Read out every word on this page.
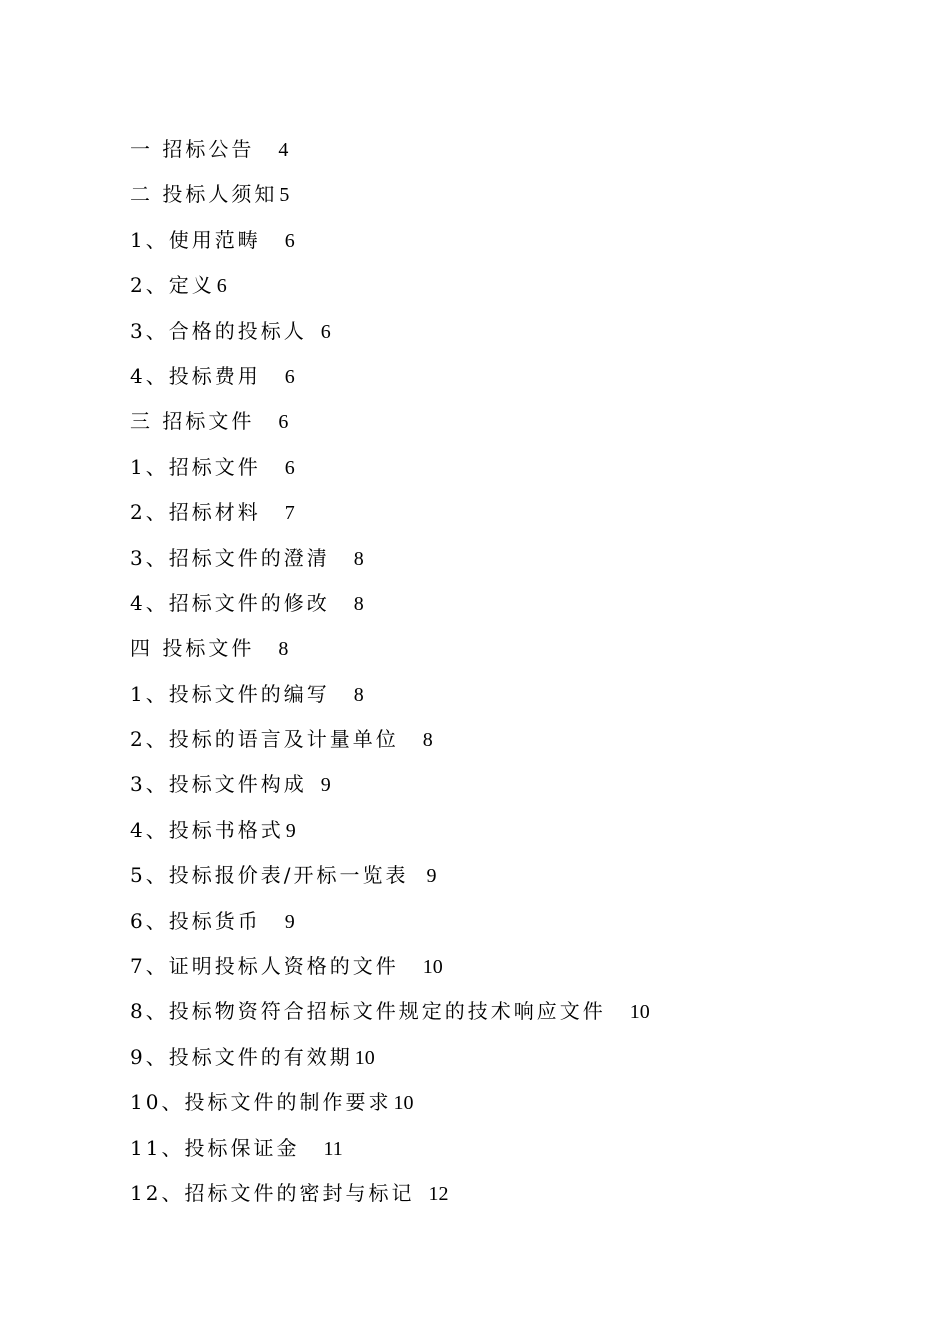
一 招标公告 4
二 投标人须知 5
1、使用范畴 6
2、定义 6
3、合格的投标人 6
4、投标费用 6
三 招标文件 6
1、招标文件 6
2、招标材料 7
3、招标文件的澄清 8
4、招标文件的修改 8
四 投标文件 8
1、投标文件的编写 8
2、投标的语言及计量单位 8
3、投标文件构成 9
4、投标书格式 9
5、投标报价表/开标一览表 9
6、投标货币 9
7、证明投标人资格的文件 10
8、投标物资符合招标文件规定的技术响应文件 10
9、投标文件的有效期 10
10、投标文件的制作要求 10
11、投标保证金 11
12、招标文件的密封与标记 12
